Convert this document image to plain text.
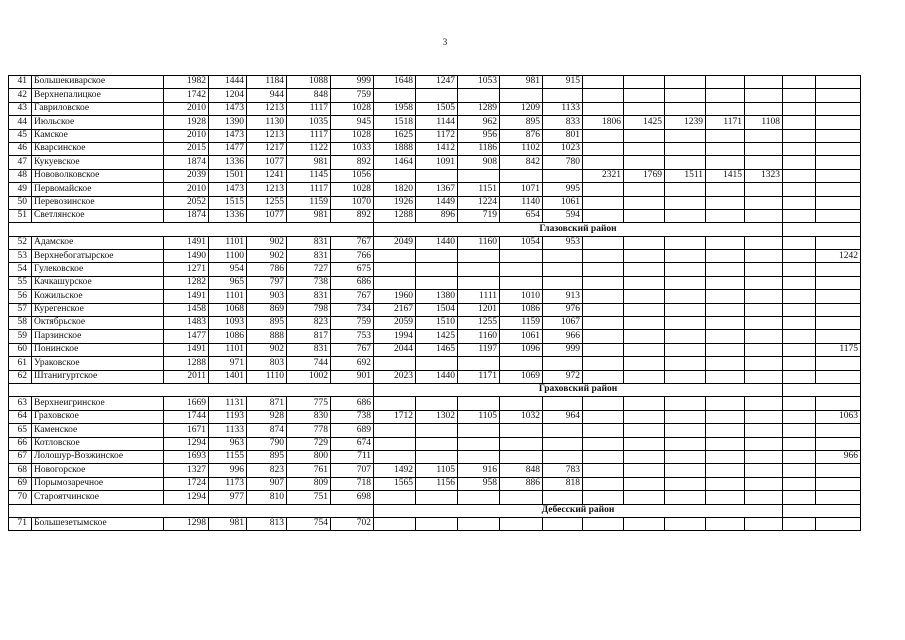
3
41	Большекиварское	1982	1444	1184	1088	999	1648	1247	1053	981	915							
42	Верхнепалицкое	1742	1204	944	848	759												
43	Гавриловское	2010	1473	1213	1117	1028	1958	1505	1289	1209	1133							
44	Июльское	1928	1390	1130	1035	945	1518	1144	962	895	833	1806	1425	1239	1171	1108		
45	Камское	2010	1473	1213	1117	1028	1625	1172	956	876	801							
46	Кварсинское	2015	1477	1217	1122	1033	1888	1412	1186	1102	1023							
47	Кукуевское	1874	1336	1077	981	892	1464	1091	908	842	780							
48	Нововолковское	2039	1501	1241	1145	1056						2321	1769	1511	1415	1323		
49	Первомайское	2010	1473	1213	1117	1028	1820	1367	1151	1071	995							
50	Перевозинское	2052	1515	1255	1159	1070	1926	1449	1224	1140	1061							
51	Светлянское	1874	1336	1077	981	892	1288	896	719	654	594							
							Глазовский район											
52	Адамское	1491	1101	902	831	767	2049	1440	1160	1054	953							
53	Верхнебогатырское	1490	1100	902	831	766												1242
54	Гулековское	1271	954	786	727	675												
55	Качкашурское	1282	965	797	738	686												
56	Кожильское	1491	1101	903	831	767	1960	1380	1111	1010	913							
57	Курегенское	1458	1068	869	798	734	2167	1504	1201	1086	976							
58	Октябрьское	1483	1093	895	823	759	2059	1510	1255	1159	1067							
59	Парзинское	1477	1086	888	817	753	1994	1425	1160	1061	966							
60	Понинское	1491	1101	902	831	767	2044	1465	1197	1096	999							1175
61	Ураковское	1288	971	803	744	692												
62	Штанигуртское	2011	1401	1110	1002	901	2023	1440	1171	1069	972							
							Граховский район											
63	Верхнеигринское	1669	1131	871	775	686												
64	Граховское	1744	1193	928	830	738	1712	1302	1105	1032	964							1063
65	Каменское	1671	1133	874	778	689												
66	Котловское	1294	963	790	729	674												
67	Лолошур-Возжинское	1693	1155	895	800	711												966
68	Новогорское	1327	996	823	761	707	1492	1105	916	848	783							
69	Порымозаречное	1724	1173	907	809	718	1565	1156	958	886	818							
70	Староятчинское	1294	977	810	751	698												
							Дебесский район											
71	Большезетымское	1298	981	813	754	702												
